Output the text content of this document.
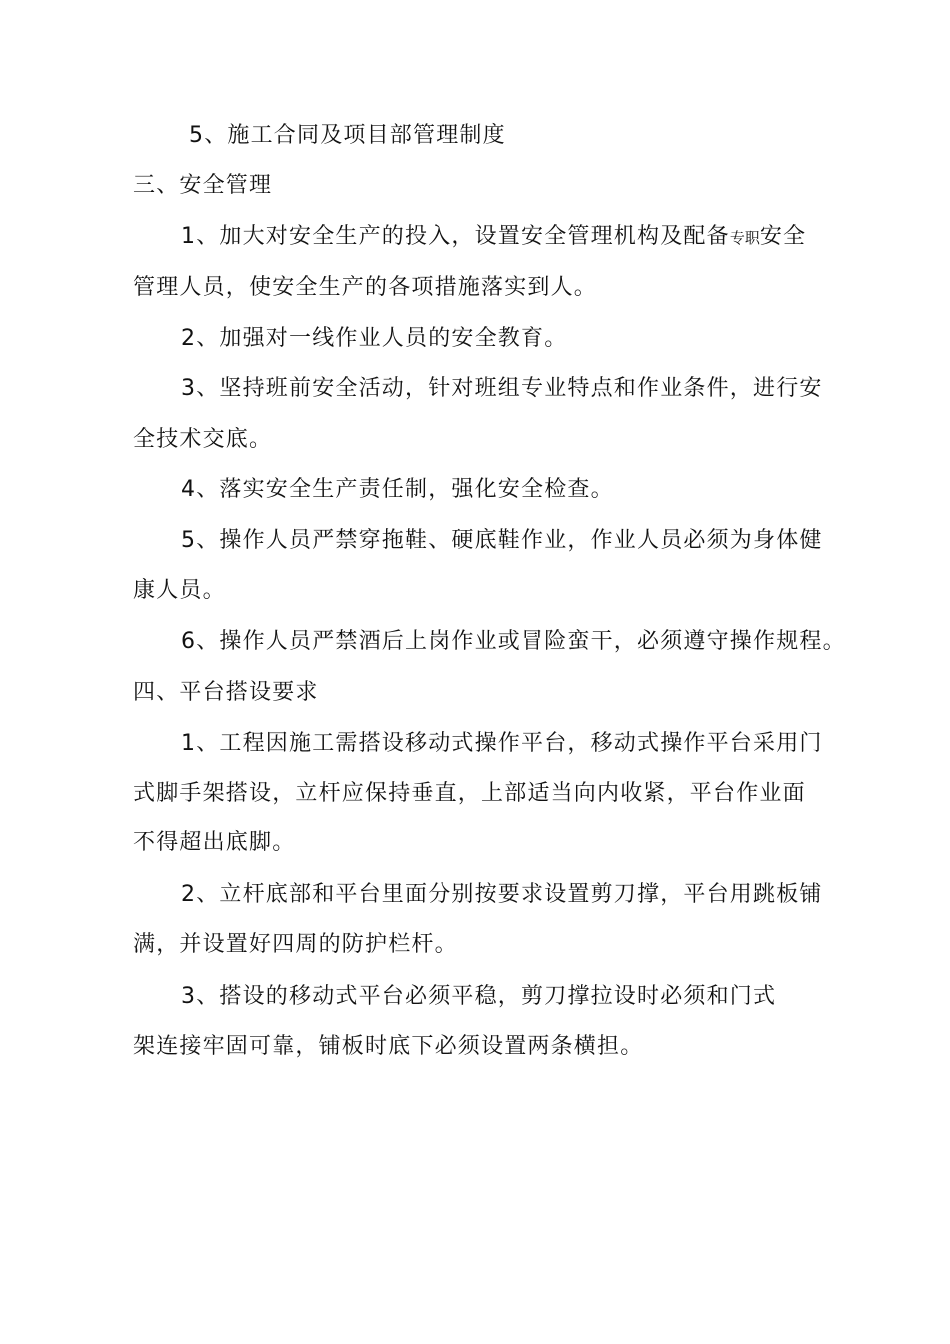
5、施工合同及项目部管理制度
三、安全管理
1、加大对安全生产的投入，设置安全管理机构及配备专职安全
管理人员，使安全生产的各项措施落实到人。
2、加强对一线作业人员的安全教育。
3、坚持班前安全活动，针对班组专业特点和作业条件，进行安
全技术交底。
4、落实安全生产责任制，强化安全检查。
5、操作人员严禁穿拖鞋、硬底鞋作业，作业人员必须为身体健
康人员。
6、操作人员严禁酒后上岗作业或冒险蛮干，必须遵守操作规程。
四、平台搭设要求
1、工程因施工需搭设移动式操作平台，移动式操作平台采用门
式脚手架搭设，立杆应保持垂直，上部适当向内收紧，平台作业面
不得超出底脚。
2、立杆底部和平台里面分别按要求设置剪刀撑，平台用跳板铺
满，并设置好四周的防护栏杆。
3、搭设的移动式平台必须平稳，剪刀撑拉设时必须和门式
架连接牢固可靠，铺板时底下必须设置两条横担。
